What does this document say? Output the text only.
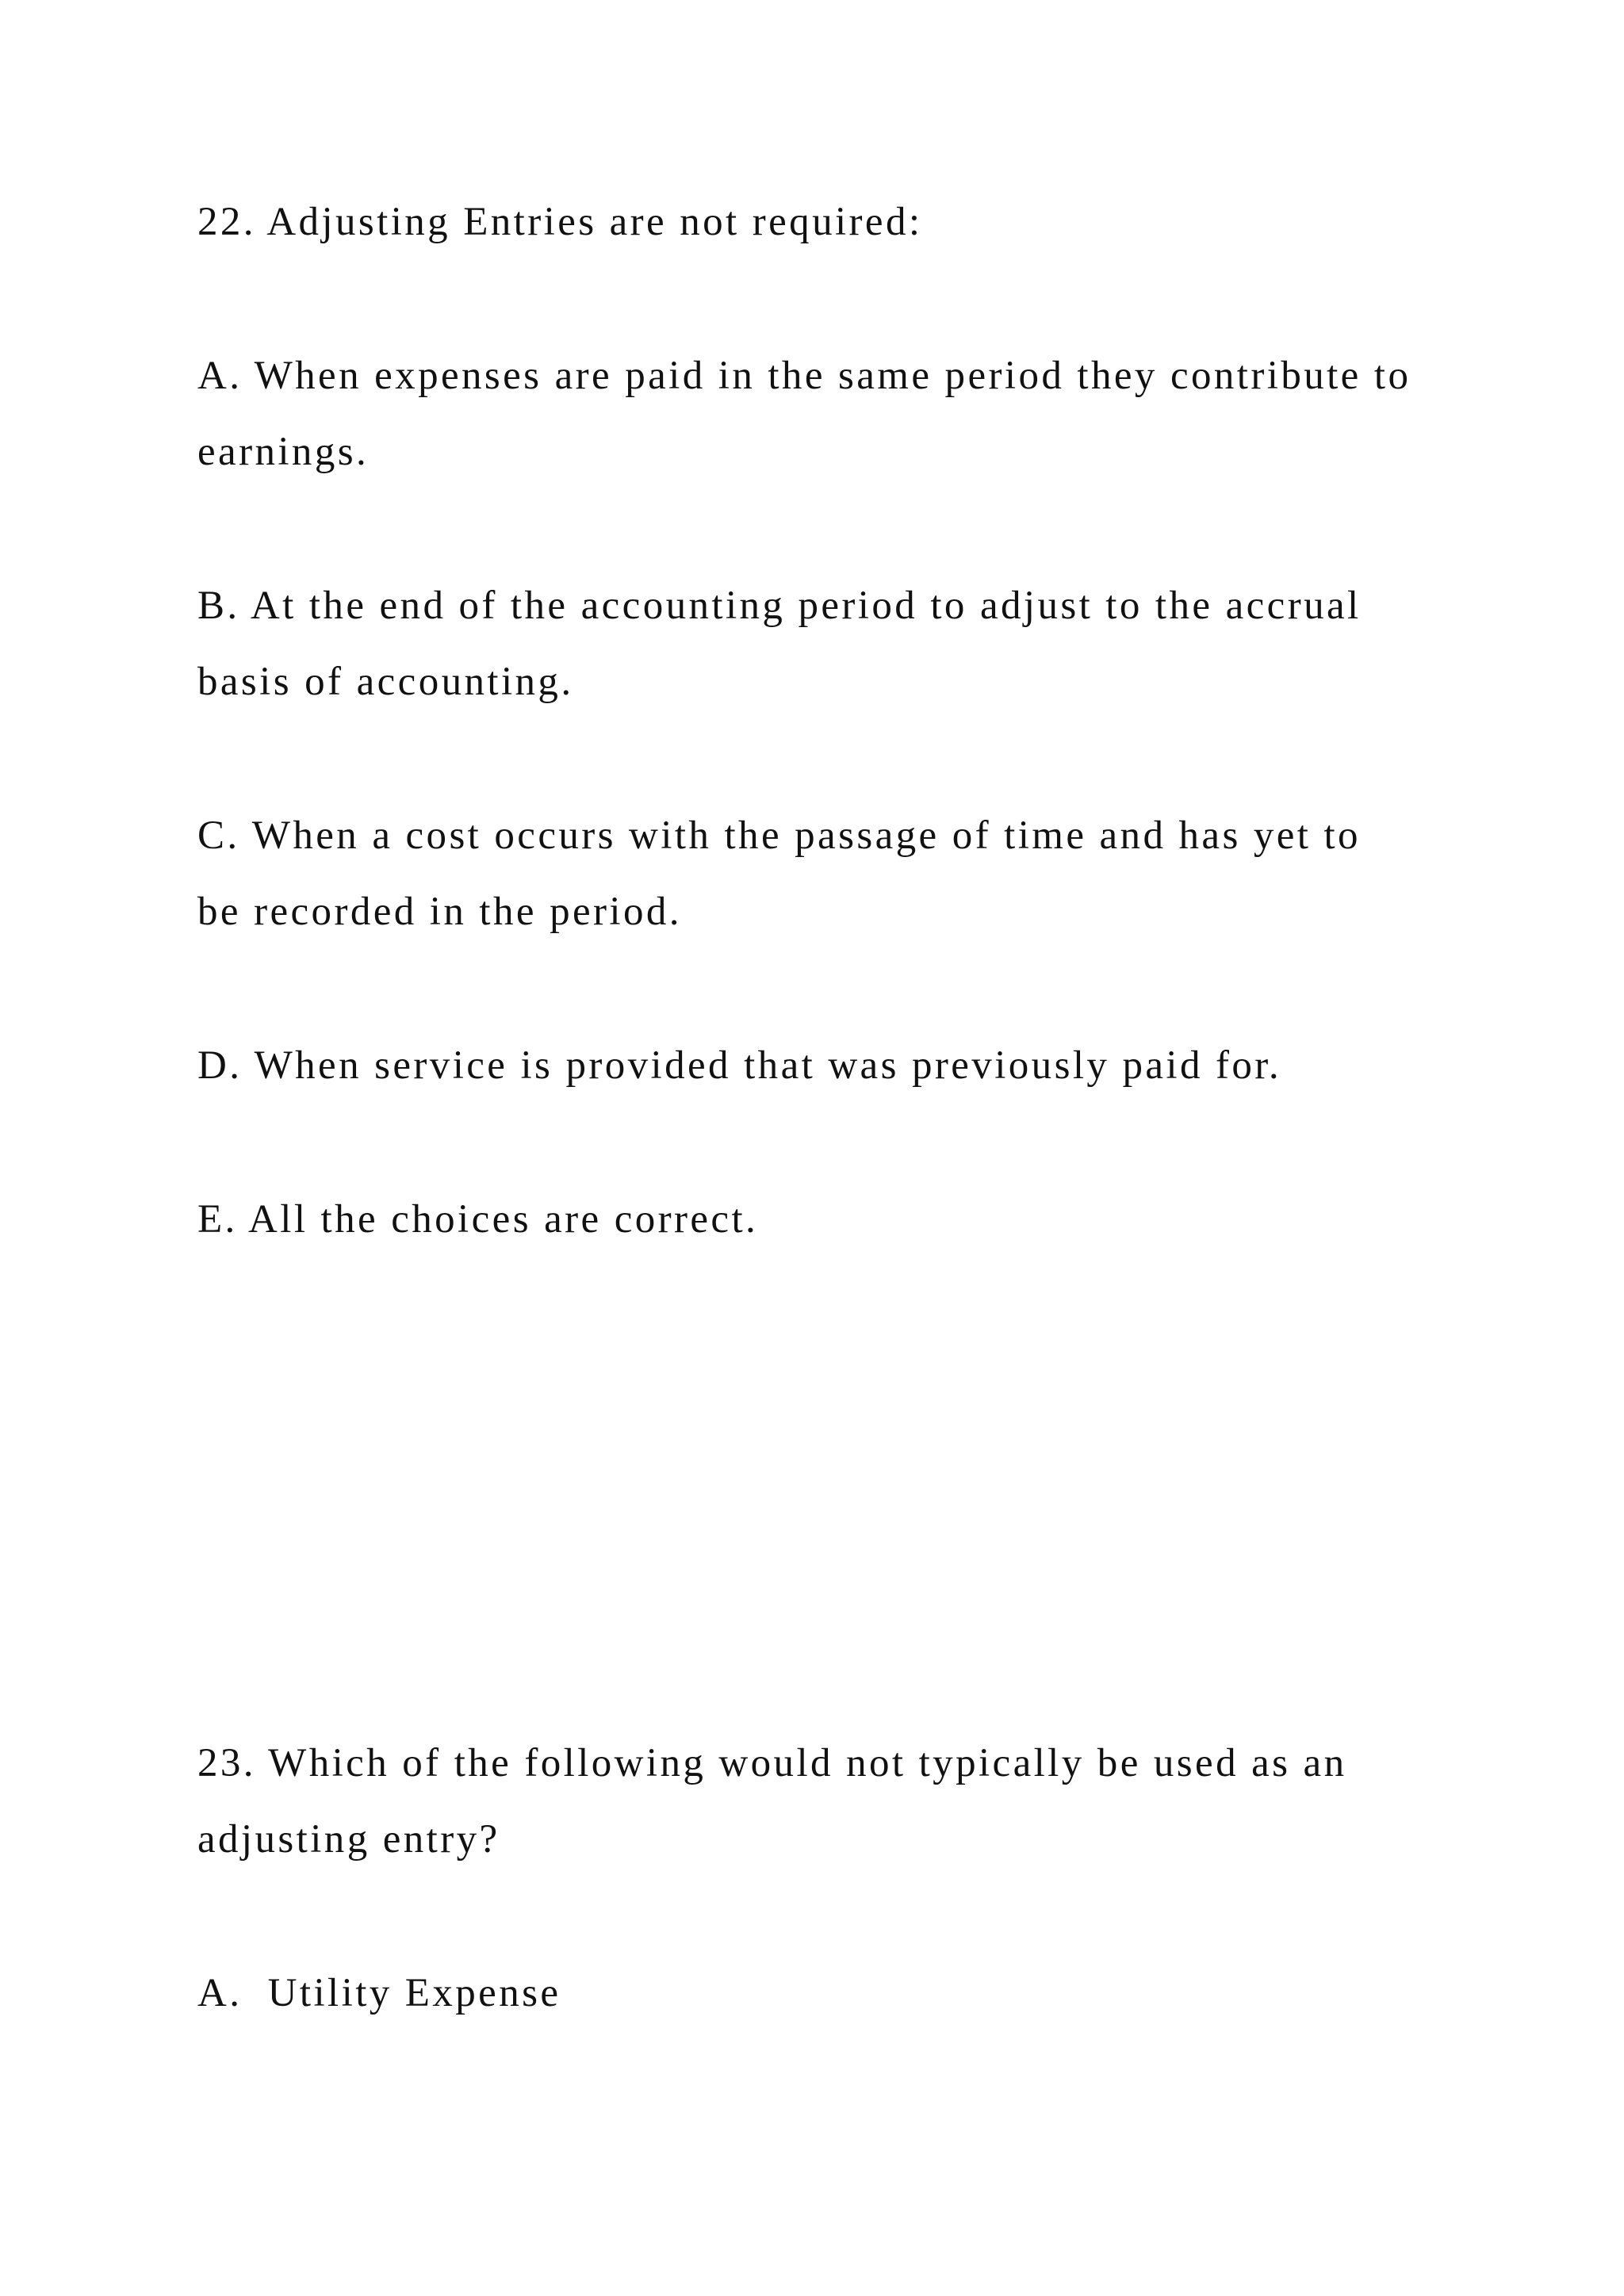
22. Adjusting Entries are not required:

A. When expenses are paid in the same period they contribute to

earnings.

B. At the end of the accounting period to adjust to the accrual

basis of accounting.

C. When a cost occurs with the passage of time and has yet to

be recorded in the period.

D. When service is provided that was previously paid for.

E. All the choices are correct.

23. Which of the following would not typically be used as an

adjusting entry?

A.  Utility Expense
